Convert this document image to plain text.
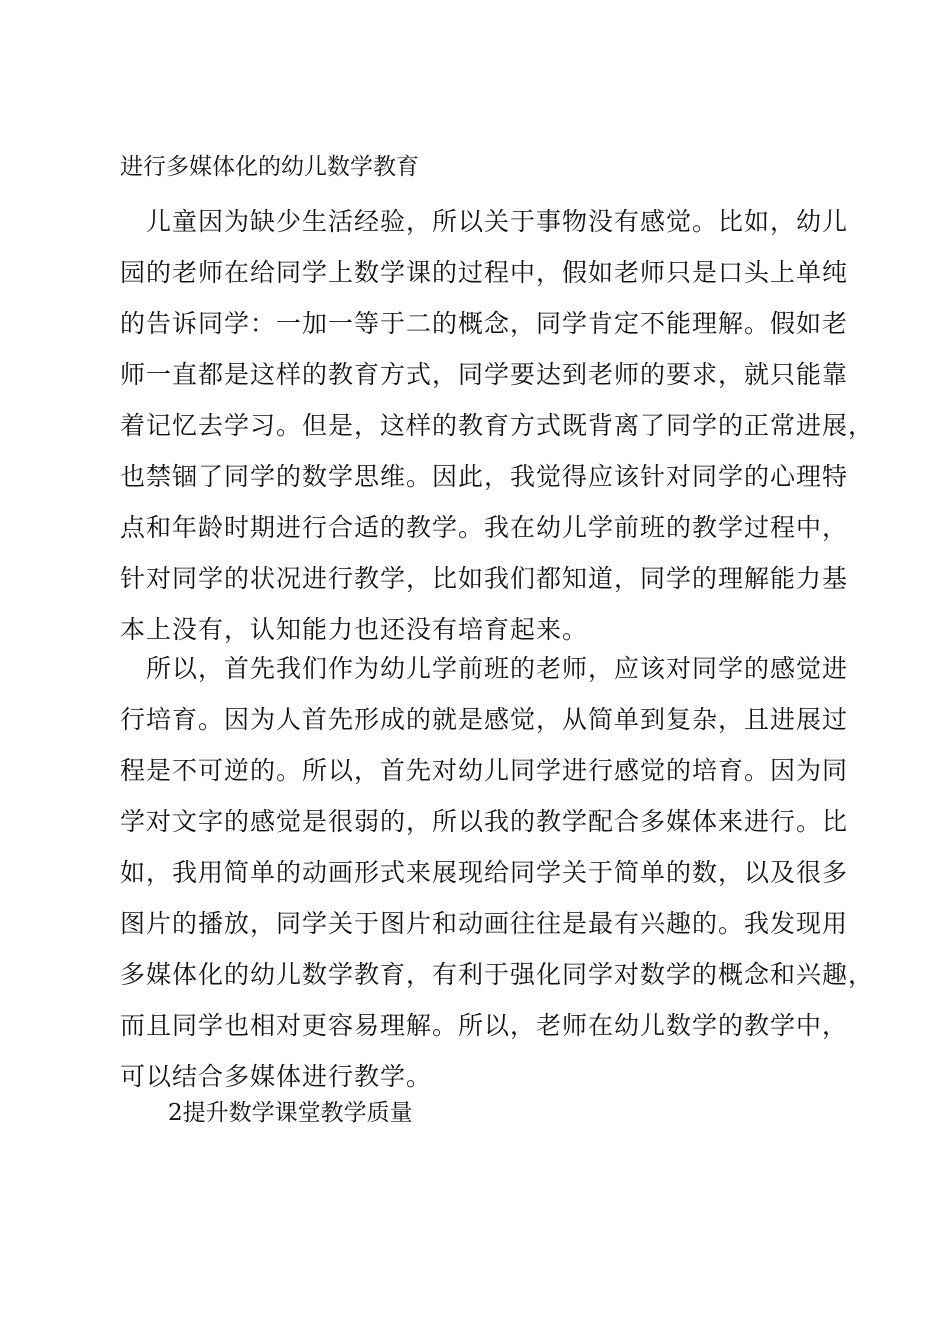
进行多媒体化的幼儿数学教育
儿童因为缺少生活经验，所以关于事物没有感觉。比如，幼儿
园的老师在给同学上数学课的过程中，假如老师只是口头上单纯
的告诉同学：一加一等于二的概念，同学肯定不能理解。假如老
师一直都是这样的教育方式，同学要达到老师的要求，就只能靠
着记忆去学习。但是，这样的教育方式既背离了同学的正常进展，
也禁锢了同学的数学思维。因此，我觉得应该针对同学的心理特
点和年龄时期进行合适的教学。我在幼儿学前班的教学过程中，
针对同学的状况进行教学，比如我们都知道，同学的理解能力基
本上没有，认知能力也还没有培育起来。
所以，首先我们作为幼儿学前班的老师，应该对同学的感觉进
行培育。因为人首先形成的就是感觉，从简单到复杂，且进展过
程是不可逆的。所以，首先对幼儿同学进行感觉的培育。因为同
学对文字的感觉是很弱的，所以我的教学配合多媒体来进行。比
如，我用简单的动画形式来展现给同学关于简单的数，以及很多
图片的播放，同学关于图片和动画往往是最有兴趣的。我发现用
多媒体化的幼儿数学教育，有利于强化同学对数学的概念和兴趣，
而且同学也相对更容易理解。所以，老师在幼儿数学的教学中，
可以结合多媒体进行教学。
2提升数学课堂教学质量
